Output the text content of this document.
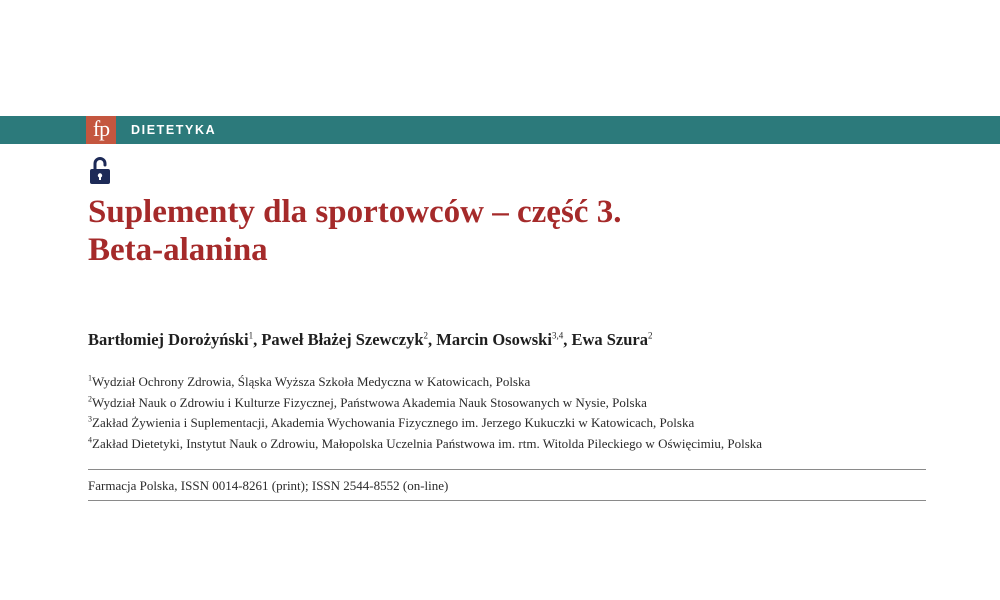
fp	DIETETYKA
Suplementy dla sportowców – część 3.
Beta-alanina
Bartłomiej Dorożyński$^1$, Paweł Błażej Szewczyk$^2$, Marcin Osowski$^{3,4}$, Ewa Szura$^2$
$^1$Wydział Ochrony Zdrowia, Śląska Wyższa Szkoła Medyczna w Katowicach, Polska
$^2$Wydział Nauk o Zdrowiu i Kulturze Fizycznej, Państwowa Akademia Nauk Stosowanych w Nysie, Polska
$^3$Zakład Żywienia i Suplementacji, Akademia Wychowania Fizycznego im. Jerzego Kukuczki w Katowicach, Polska
$^4$Zakład Dietetyki, Instytut Nauk o Zdrowiu, Małopolska Uczelnia Państwowa im. rtm. Witolda Pileckiego w Oświęcimiu, Polska
Farmacja Polska, ISSN 0014-8261 (print); ISSN 2544-8552 (on-line)
